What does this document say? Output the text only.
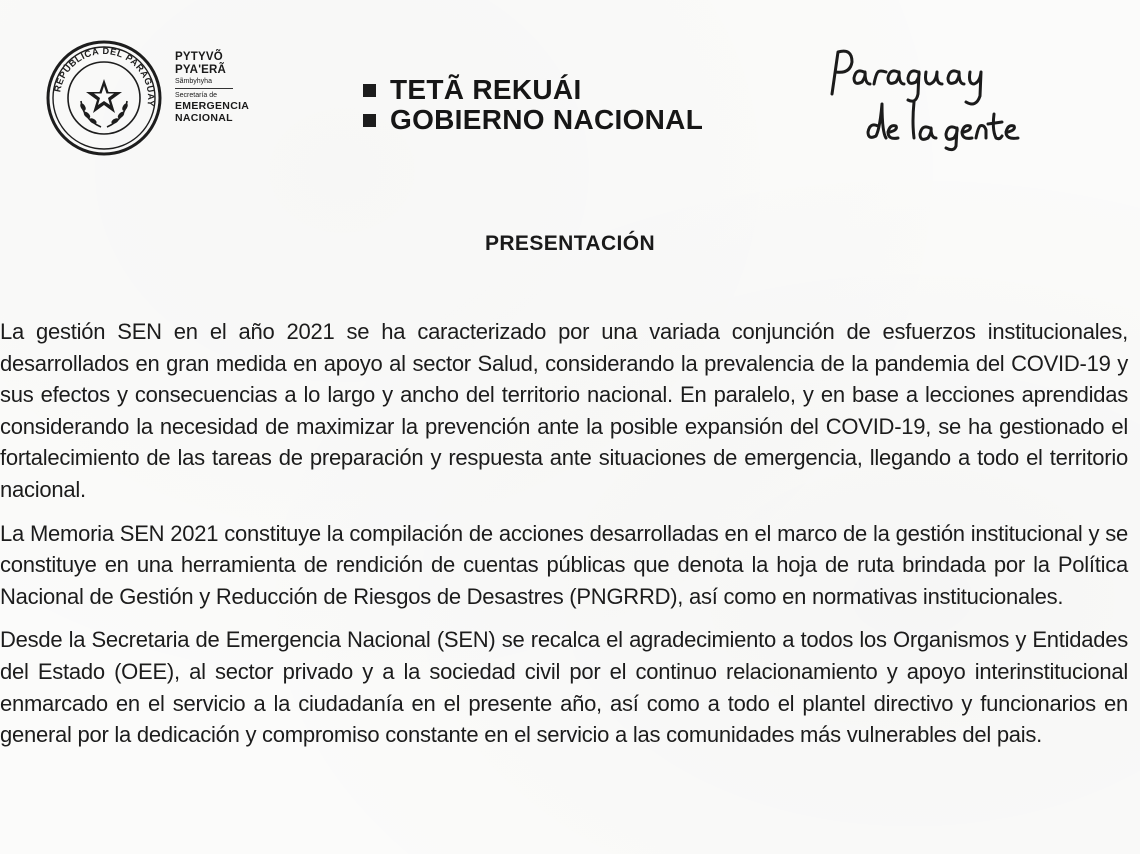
REPÚBLICA DEL PARAGUAY
PYTYVÕ
PYA'ERÃ
Sãmbyhyha
Secretaría de
EMERGENCIA
NACIONAL
TETÃ REKUÁI
GOBIERNO NACIONAL
PRESENTACIÓN

La gestión SEN en el año 2021 se ha caracterizado por una variada conjunción de esfuerzos institucionales, desarrollados en gran medida en apoyo al sector Salud, considerando la prevalencia de la pandemia del COVID-19 y sus efectos y consecuencias a lo largo y ancho del territorio nacional. En paralelo, y en base a lecciones aprendidas considerando la necesidad de maximizar la prevención ante la posible expansión del COVID-19, se ha gestionado el fortalecimiento de las tareas de preparación y respuesta ante situaciones de emergencia, llegando a todo el territorio nacional.

La Memoria SEN 2021 constituye la compilación de acciones desarrolladas en el marco de la gestión institucional y se constituye en una herramienta de rendición de cuentas públicas que denota la hoja de ruta brindada por la Política Nacional de Gestión y Reducción de Riesgos de Desastres (PNGRRD), así como en normativas institucionales.

Desde la Secretaria de Emergencia Nacional (SEN) se recalca el agradecimiento a todos los Organismos y Entidades del Estado (OEE), al sector privado y a la sociedad civil por el continuo relacionamiento y apoyo interinstitucional enmarcado en el servicio a la ciudadanía en el presente año, así como a todo el plantel directivo y funcionarios en general por la dedicación y compromiso constante en el servicio a las comunidades más vulnerables del pais.
